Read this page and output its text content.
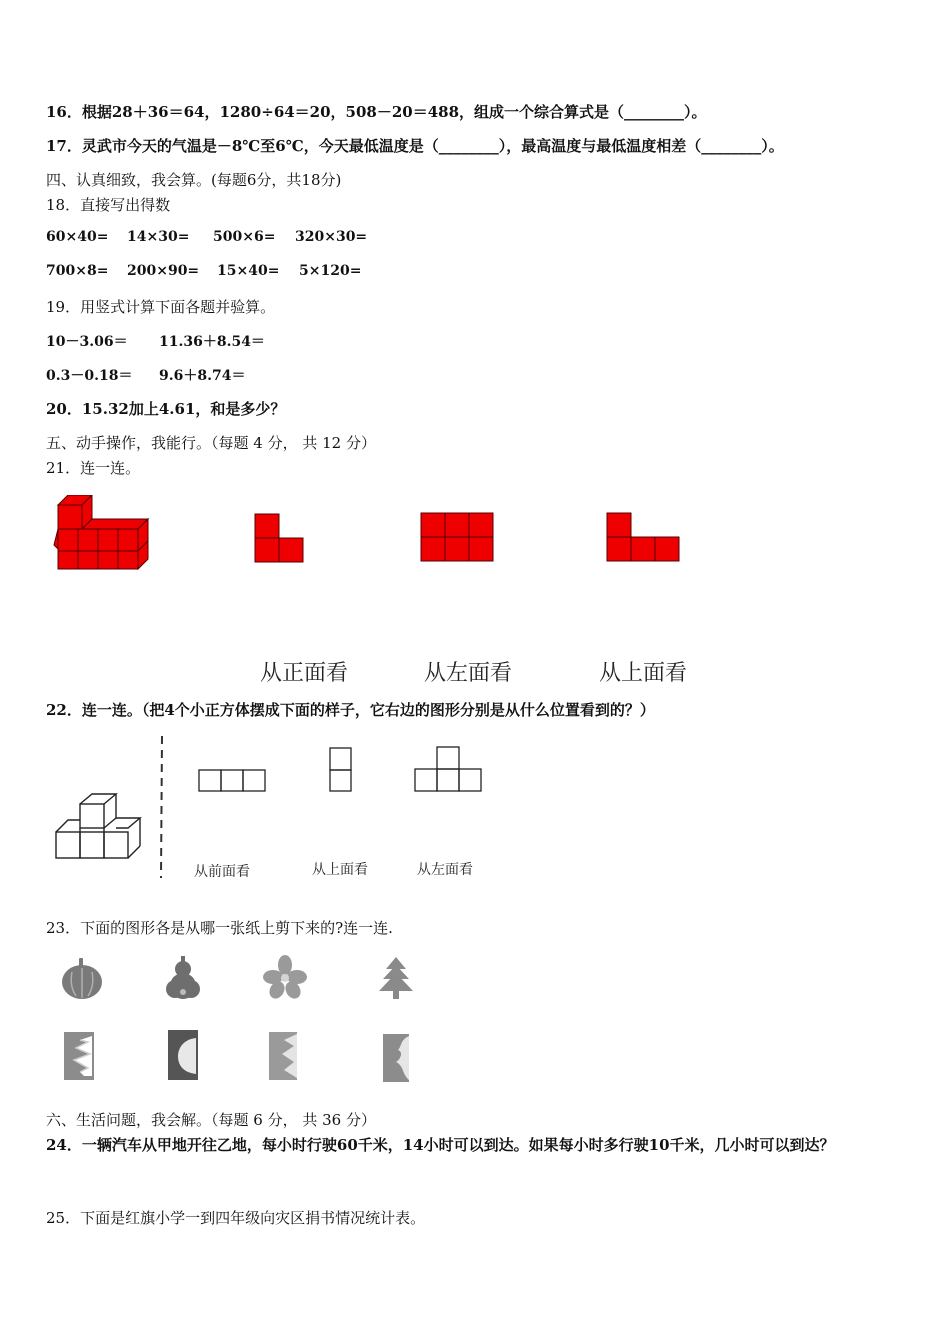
16．根据28＋36＝64，1280÷64＝20，508－20＝488，组成一个综合算式是（________）。
17．灵武市今天的气温是－8℃至6℃，今天最低温度是（________），最高温度与最低温度相差（________）。
四、认真细致，我会算。(每题6分，共18分)
18．直接写出得数
60×40= 14×30= 500×6= 320×30=
700×8= 200×90= 15×40= 5×120=
19．用竖式计算下面各题并验算。
10－3.06＝ 11.36＋8.54＝
0.3－0.18＝ 9.6＋8.74＝
20．15.32加上4.61，和是多少？
五、动手操作，我能行。（每题 4 分， 共 12 分）
21．连一连。
从正面看	从左面看	从上面看
22．连一连。（把4个小正方体摆成下面的样子，它右边的图形分别是从什么位置看到的？）
从前面看	从上面看	从左面看
23．下面的图形各是从哪一张纸上剪下来的?连一连.
六、生活问题，我会解。（每题 6 分， 共 36 分）
24．一辆汽车从甲地开往乙地，每小时行驶60千米，14小时可以到达。如果每小时多行驶10千米，几小时可以到达？
25．下面是红旗小学一到四年级向灾区捐书情况统计表。
